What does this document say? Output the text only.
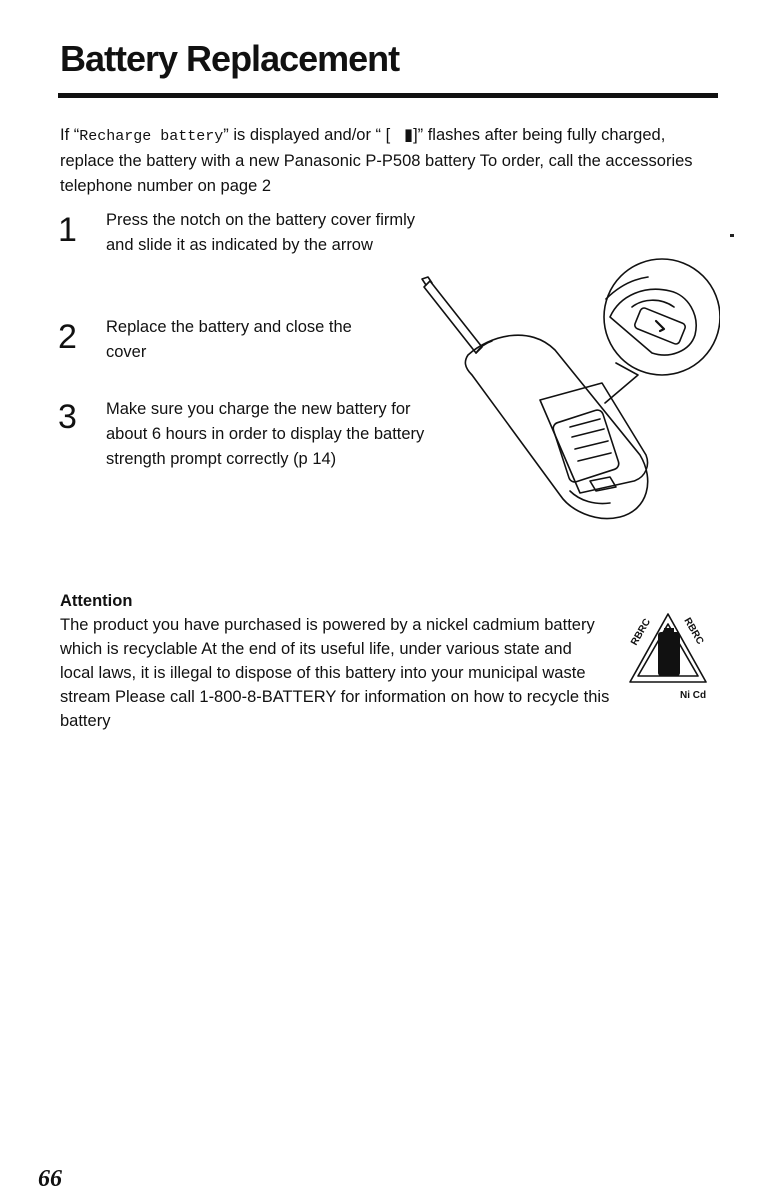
Battery Replacement
If “Recharge battery” is displayed and/or “ [ ▮]” flashes after being fully charged, replace the battery with a new Panasonic P-P508 battery To order, call the accessories telephone number on page 2
1 Press the notch on the battery cover firmly and slide it as indicated by the arrow
2 Replace the battery and close the cover
3 Make sure you charge the new battery for about 6 hours in order to display the battery strength prompt correctly (p 14)
Attention
The product you have purchased is powered by a nickel cadmium battery which is recyclable At the end of its useful life, under various state and local laws, it is illegal to dispose of this battery into your municipal waste stream Please call 1-800-8-BATTERY for information on how to recycle this battery
RBRC	RBRC
Ni Cd
66
